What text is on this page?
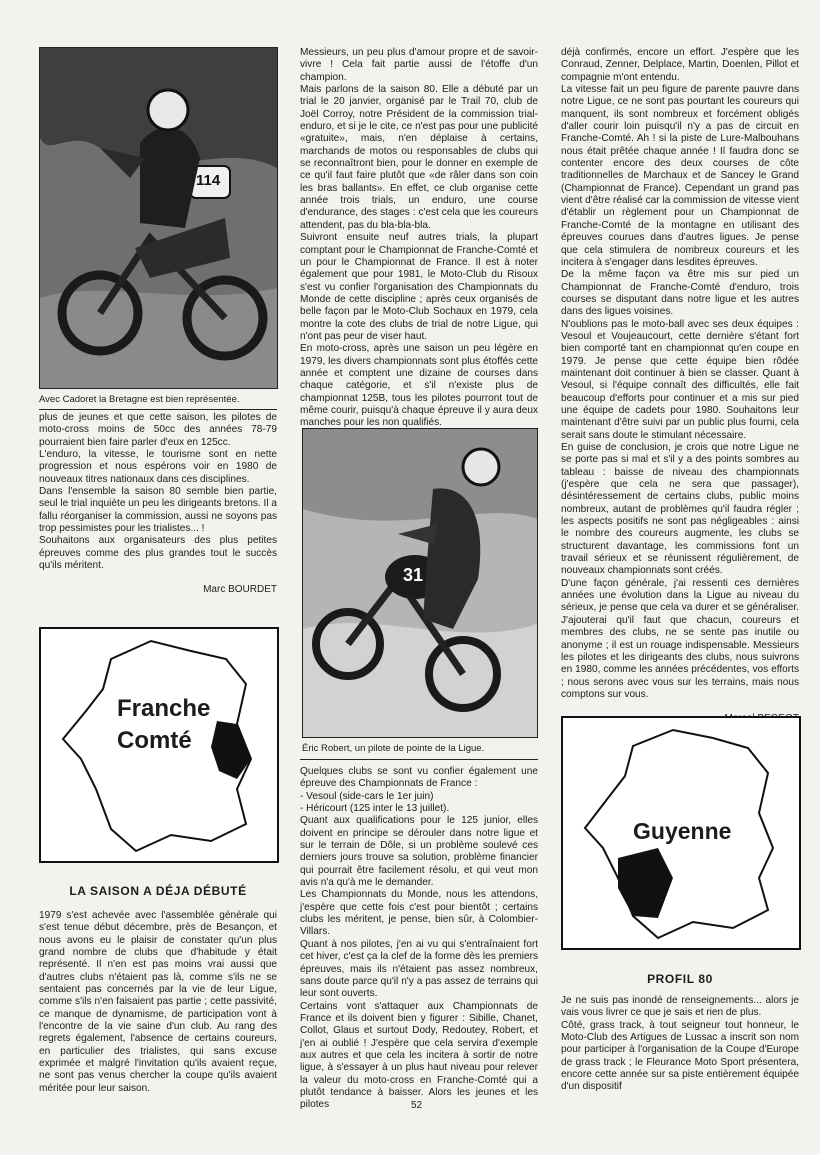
114
Avec Cadoret la Bretagne est bien représentée.

plus de jeunes et que cette saison, les pilotes de moto-cross moins de 50cc des années 78-79 pourraient bien faire parler d'eux en 125cc.

L'enduro, la vitesse, le tourisme sont en nette progression et nous espérons voir en 1980 de nouveaux titres nationaux dans ces disciplines.

Dans l'ensemble la saison 80 semble bien partie, seul le trial inquiète un peu les dirigeants bretons. Il a fallu réorganiser la commission, aussi ne soyons pas trop pessimistes pour les trialistes... !

Souhaitons aux organisateurs des plus petites épreuves comme des plus grandes tout le succès qu'ils méritent.

Marc BOURDET

Franche
Comté
LA SAISON A DÉJA DÉBUTÉ

1979 s'est achevée avec l'assemblée générale qui s'est tenue début décembre, près de Besançon, et nous avons eu le plaisir de constater qu'un plus grand nombre de clubs que d'habitude y était représenté. Il n'en est pas moins vrai aussi que d'autres clubs n'étaient pas là, comme s'ils ne se sentaient pas concernés par la vie de leur Ligue, comme s'ils n'en faisaient pas partie ; cette passivité, ce manque de dynamisme, de participation vont à l'encontre de la vie saine d'un club. Au rang des regrets également, l'absence de certains coureurs, en particulier des trialistes, qui sans excuse exprimée et malgré l'invitation qu'ils avaient reçue, ne sont pas venus chercher la coupe qu'ils avaient méritée pour leur saison.

Messieurs, un peu plus d'amour propre et de savoir-vivre ! Cela fait partie aussi de l'étoffe d'un champion.

Mais parlons de la saison 80. Elle a débuté par un trial le 20 janvier, organisé par le Trail 70, club de Joël Corroy, notre Président de la commission trial-enduro, et si je le cite, ce n'est pas pour une publicité «gratuite», mais, n'en déplaise à certains, marchands de motos ou responsables de clubs qui se reconnaîtront bien, pour le donner en exemple de ce qu'il faut faire plutôt que «de râler dans son coin les bras ballants». En effet, ce club organise cette année trois trials, un enduro, une course d'endurance, des stages : c'est cela que les coureurs attendent, pas du bla-bla-bla.

Suivront ensuite neuf autres trials, la plupart comptant pour le Championnat de Franche-Comté et un pour le Championnat de France. Il est à noter également que pour 1981, le Moto-Club du Risoux s'est vu confier l'organisation des Championnats du Monde de cette discipline ; après ceux organisés de belle façon par le Moto-Club Sochaux en 1979, cela montre la cote des clubs de trial de notre Ligue, qui n'ont pas peur de viser haut.

En moto-cross, après une saison un peu légère en 1979, les divers championnats sont plus étoffés cette année et comptent une dizaine de courses dans chaque catégorie, et s'il n'existe plus de championnat 125B, tous les pilotes pourront tout de même courir, puisqu'à chaque épreuve il y aura deux manches pour les non qualifiés.

31
Éric Robert, un pilote de pointe de la Ligue.

Quelques clubs se sont vu confier également une épreuve des Championnats de France :

- Vesoul (side-cars le 1er juin)

- Héricourt (125 inter le 13 juillet).

Quant aux qualifications pour le 125 junior, elles doivent en principe se dérouler dans notre ligue et sur le terrain de Dôle, si un problème soulevé ces derniers jours trouve sa solution, problème financier qui pourrait être facilement résolu, et qui veut mon avis n'a qu'à me le demander.

Les Championnats du Monde, nous les attendons, j'espère que cette fois c'est pour bientôt ; certains clubs les méritent, je pense, bien sûr, à Colombier-Villars.

Quant à nos pilotes, j'en ai vu qui s'entraînaient fort cet hiver, c'est ça la clef de la forme dès les premiers épreuves, mais ils n'étaient pas assez nombreux, sans doute parce qu'il n'y a pas assez de terrains qui leur sont ouverts.

Certains vont s'attaquer aux Championnats de France et ils doivent bien y figurer : Sibille, Chanet, Collot, Glaus et surtout Dody, Redoutey, Robert, et j'en ai oublié ! J'espère que cela servira d'exemple aux autres et que cela les incitera à sortir de notre ligue, à s'essayer à un plus haut niveau pour relever la valeur du moto-cross en Franche-Comté qui a plutôt tendance à baisser. Alors les jeunes et les pilotes

déjà confirmés, encore un effort. J'espère que les Conraud, Zenner, Delplace, Martin, Doenlen, Pillot et compagnie m'ont entendu.

La vitesse fait un peu figure de parente pauvre dans notre Ligue, ce ne sont pas pourtant les coureurs qui manquent, ils sont nombreux et forcément obligés d'aller courir loin puisqu'il n'y a pas de circuit en Franche-Comté. Ah ! si la piste de Lure-Malbouhans nous était prêtée chaque année ! Il faudra donc se contenter encore des deux courses de côte traditionnelles de Marchaux et de Sancey le Grand (Championnat de France). Cependant un grand pas vient d'être réalisé car la commission de vitesse vient d'établir un règlement pour un Championnat de Franche-Comté de la montagne en utilisant des épreuves courues dans d'autres ligues. Je pense que cela stimulera de nombreux coureurs et les incitera à s'engager dans lesdites épreuves.

De la même façon va être mis sur pied un Championnat de Franche-Comté d'enduro, trois courses se disputant dans notre ligue et les autres dans des ligues voisines.

N'oublions pas le moto-ball avec ses deux équipes : Vesoul et Voujeaucourt, cette dernière s'étant fort bien comporté tant en championnat qu'en coupe en 1979. Je pense que cette équipe bien rôdée maintenant doit continuer à bien se classer. Quant à Vesoul, si l'équipe connaît des difficultés, elle fait beaucoup d'efforts pour continuer et a mis sur pied une équipe de cadets pour 1980. Souhaitons leur maintenant d'être suivi par un public plus fourni, cela serait sans doute le stimulant nécessaire.

En guise de conclusion, je crois que notre Ligue ne se porte pas si mal et s'il y a des points sombres au tableau : baisse de niveau des championnats (j'espère que cela ne sera que passager), désintéressement de certains clubs, public moins nombreux, autant de problèmes qu'il faudra régler ; les aspects positifs ne sont pas négligeables : ainsi le nombre des coureurs augmente, les clubs se structurent davantage, les commissions font un travail sérieux et se réunissent régulièrement, de nouveaux championnats sont créés.

D'une façon générale, j'ai ressenti ces dernières années une évolution dans la Ligue au niveau du sérieux, je pense que cela va durer et se généraliser. J'ajouterai qu'il faut que chacun, coureurs et membres des clubs, ne se sente pas inutile ou anonyme ; il est un rouage indispensable. Messieurs les pilotes et les dirigeants des clubs, nous suivrons en 1980, comme les années précédentes, vos efforts ; nous serons avec vous sur les terrains, mais nous comptons sur vous.

Guyenne
PROFIL 80

Je ne suis pas inondé de renseignements... alors je vais vous livrer ce que je sais et rien de plus.

Côté, grass track, à tout seigneur tout honneur, le Moto-Club des Artigues de Lussac a inscrit son nom pour participer à l'organisation de la Coupe d'Europe de grass track ; le Fleurance Moto Sport présentera, encore cette année sur sa piste entièrement équipée d'un dispositif

52
